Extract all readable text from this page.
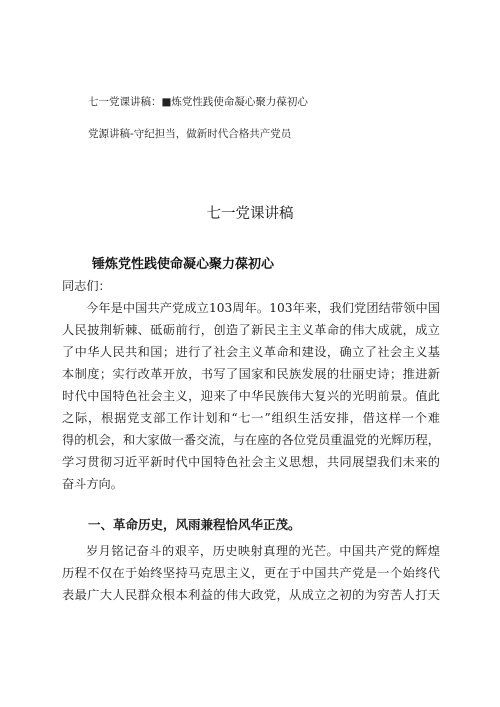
七一党课讲稿：■炼党性践使命凝心聚力葆初心
党源讲稿-守纪担当，做新时代合格共产党员
七一党课讲稿
锤炼党性践使命凝心聚力葆初心
同志们：
今年是中国共产党成立103周年。103年来，我们党团结带领中国
人民披荆斩棘、砥砺前行，创造了新民主主义革命的伟大成就，成立
了中华人民共和国；进行了社会主义革命和建设，确立了社会主义基
本制度；实行改革开放，书写了国家和民族发展的壮丽史诗；推进新
时代中国特色社会主义，迎来了中华民族伟大复兴的光明前景。值此
之际，根据党支部工作计划和“七一”组织生活安排，借这样一个难
得的机会，和大家做一番交流，与在座的各位党员重温党的光辉历程，
学习贯彻习近平新时代中国特色社会主义思想，共同展望我们未来的
奋斗方向。
一、革命历史，风雨兼程恰风华正茂。
岁月铭记奋斗的艰辛，历史映射真理的光芒。中国共产党的辉煌
历程不仅在于始终坚持马克思主义，更在于中国共产党是一个始终代
表最广大人民群众根本利益的伟大政党，从成立之初的为穷苦人打天
